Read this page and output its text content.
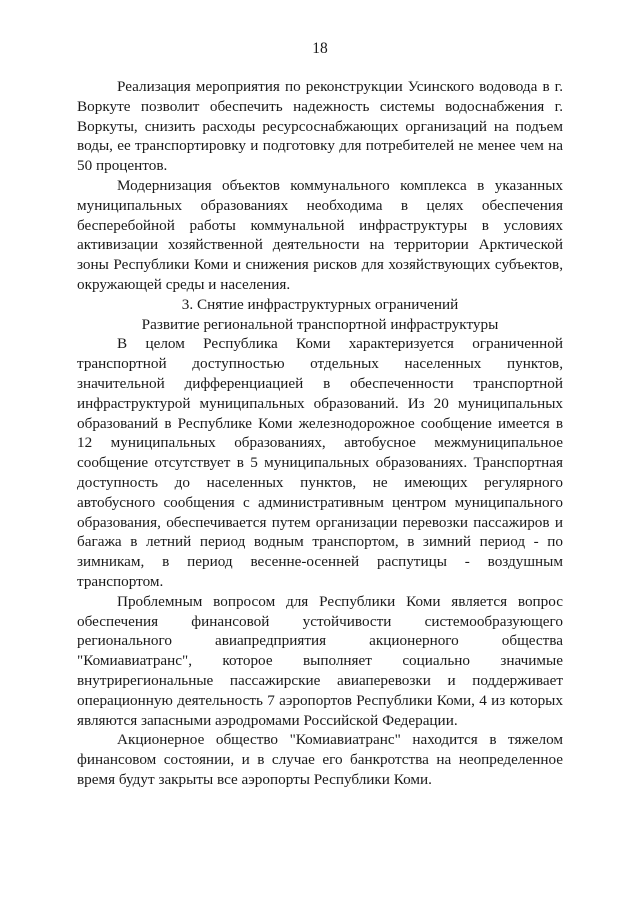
18

Реализация мероприятия по реконструкции Усинского водовода в г. Воркуте позволит обеспечить надежность системы водоснабжения г. Воркуты, снизить расходы ресурсоснабжающих организаций на подъем воды, ее транспортировку и подготовку для потребителей не менее чем на 50 процентов.

Модернизация объектов коммунального комплекса в указанных муниципальных образованиях необходима в целях обеспечения бесперебойной работы коммунальной инфраструктуры в условиях активизации хозяйственной деятельности на территории Арктической зоны Республики Коми и снижения рисков для хозяйствующих субъектов, окружающей среды и населения.

3. Снятие инфраструктурных ограничений
Развитие региональной транспортной инфраструктуры

В целом Республика Коми характеризуется ограниченной транспортной доступностью отдельных населенных пунктов, значительной дифференциацией в обеспеченности транспортной инфраструктурой муниципальных образований. Из 20 муниципальных образований в Республике Коми железнодорожное сообщение имеется в 12 муниципальных образованиях, автобусное межмуниципальное сообщение отсутствует в 5 муниципальных образованиях. Транспортная доступность до населенных пунктов, не имеющих регулярного автобусного сообщения с административным центром муниципального образования, обеспечивается путем организации перевозки пассажиров и багажа в летний период водным транспортом, в зимний период - по зимникам, в период весенне-осенней распутицы - воздушным транспортом.

Проблемным вопросом для Республики Коми является вопрос обеспечения финансовой устойчивости системообразующего регионального авиапредприятия акционерного общества "Комиавиатранс", которое выполняет социально значимые внутрирегиональные пассажирские авиаперевозки и поддерживает операционную деятельность 7 аэропортов Республики Коми, 4 из которых являются запасными аэродромами Российской Федерации.

Акционерное общество "Комиавиатранс" находится в тяжелом финансовом состоянии, и в случае его банкротства на неопределенное время будут закрыты все аэропорты Республики Коми.
